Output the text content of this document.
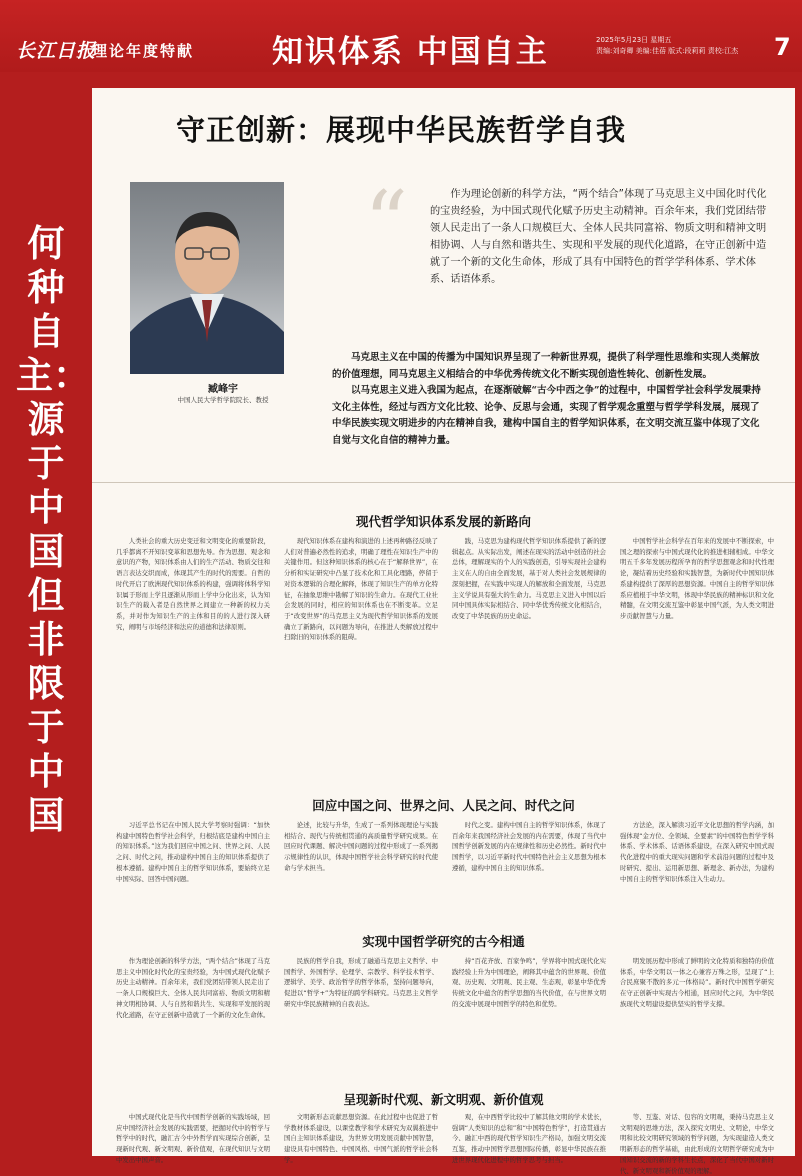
长江日报
理论年度特献	知识体系 中国自主	2025年5月23日 星期五
责编:刘奇卿 美编:佳蓓 版式:段莉莉 责校:江杰 7
何种自主：源于中国但非限于中国
守正创新：展现中华民族哲学自我
臧峰宇
中国人民大学哲学院院长、教授
“	作为理论创新的科学方法，“两个结合”体现了马克思主义中国化时代化的宝贵经验，为中国式现代化赋予历史主动精神。百余年来，我们党团结带领人民走出了一条人口规模巨大、全体人民共同富裕、物质文明和精神文明相协调、人与自然和谐共生、实现和平发展的现代化道路，在守正创新中造就了一个新的文化生命体，形成了具有中国特色的哲学学科体系、学术体系、话语体系。

马克思主义在中国的传播为中国知识界呈现了一种新世界观，提供了科学理性思维和实现人类解放的价值理想，同马克思主义相结合的中华优秀传统文化不断实现创造性转化、创新性发展。

以马克思主义进入我国为起点，在逐渐破解“古今中西之争”的过程中，中国哲学社会科学发展秉持文化主体性，经过与西方文化比较、论争、反思与会通，实现了哲学观念重塑与哲学学科发展，展现了中华民族实现文明进步的内在精神自我，建构中国自主的哲学知识体系，在文明交流互鉴中体现了文化自觉与文化自信的精神力量。

现代哲学知识体系发展的新路向
人类社会的重大历史变迁和文明变化的重要阶段，几乎都离不开知识变革和思想先导。作为思想、观念和意识的产物，知识体系由人们的生产活动、物质交往和语言表达交织而成，体现其产生的时代的需要。自哲的时代开启了欧洲现代知识体系的构建，强调将体科学知识属于形而上学且逐渐从形而上学中分化出来，认为知识生产的载入者是自然世界之间建立一种新的权力关系，并对作为知识生产的主体和目的的人进行深入研究，阐明与市场经济和法应的道德和法律原则。
现代知识体系在建构和演进的上述再种路径反映了人们对普遍必然性的追求，明确了理性在知识生产中的关键作用。但这种知识体系的核心在于“解释世界”，在分析和实证研究中凸显了技术化和工具化理路，停留于对资本逻辑的合理化解释，体现了知识生产的单方化特征，在抽象思维中勘解了知识的生命力。在现代工业社会发展的同时，相应的知识体系也在不断变革。立足于“改变世界”的马克思主义为现代哲学知识体系的发展确立了新路向，以问题为导向，在推进人类解放过程中扫除旧的知识体系的阻碍。
践，马克思为建构现代哲学知识体系提供了新的逻辑起点。从实际出发，阐述在现实的活动中创造的社会总体，理解现实的个人的实践创造，引导实现社会建构主义在人的自由全面发展，基于对人类社会发展规律的深刻把握，在实践中实现人的解放和全面发展，马克思主义学说具有强大的生命力。马克思主义进入中国以后同中国具体实际相结合、同中华优秀传统文化相结合，改变了中华民族的历史命运。
中国哲学社会科学在百年来的发展中不断探索，中国之理的探索与中国式现代化的推进相辅相成。中华文明五千多年发展历程所孕育的哲学思想观念和时代性理论，凝结着历史经验和实践智慧，为新时代中国知识体系建构提供了深厚的思想资源。中国自主的哲学知识体系应植根于中华文明，体现中华民族的精神标识和文化精髓，在文明交流互鉴中彰显中国气派，为人类文明进步贡献智慧与力量。
回应中国之问、世界之问、人民之问、时代之问
习近平总书记在中国人民大学考察时强调：“加快构建中国特色哲学社会科学，归根结底是建构中国自主的知识体系。”这为我们回应中国之问、世界之问、人民之问、时代之问，推动建构中国自主的知识体系提供了根本遵循。建构中国自主的哲学知识体系，要始终立足中国实际、回答中国问题。
论述，比较与升华，生成了一系列体现理论与实践相结合、现代与传统相贯通的高质量哲学研究成果。在回应时代课题、解决中国问题的过程中形成了一系列揭示规律性的认识，体现中国哲学社会科学研究的时代使命与学术担当。
时代之变。建构中国自主的哲学知识体系，体现了百余年来我国经济社会发展的内在需要，体现了当代中国哲学创新发展的内在规律性和历史必然性。新时代中国哲学，以习近平新时代中国特色社会主义思想为根本遵循，建构中国自主的知识体系。
方法论，深入解读习近平文化思想的哲学内涵，加强体现“金方位、全领域、全要素”的中国特色哲学学科体系、学术体系、话语体系建设，在深入研究中国式现代化进程中的重大现实问题和学术前沿问题的过程中及时研究、提出、运用新思想、新理念、新办法，为建构中国自主的哲学知识体系注入生动力。
实现中国哲学研究的古今相通
作为理论创新的科学方法，“两个结合”体现了马克思主义中国化时代化的宝贵经验，为中国式现代化赋予历史主动精神。百余年来，我们党团结带领人民走出了一条人口规模巨大、全体人民共同富裕、物质文明和精神文明相协调、人与自然和谐共生、实现和平发展的现代化道路，在守正创新中造就了一个新的文化生命体。
民族的哲学自我，形成了融通马克思主义哲学、中国哲学、外国哲学、伦理学、宗教学、科学技术哲学、逻辑学、美学、政治哲学的哲学体系，坚持问题导向，促进以“哲学+”为特征的跨学科研究。马克思主义哲学研究中华民族精神的自我表达。
持“百花齐放、百家争鸣”，学界将中国式现代化实践经验上升为中国理论，阐释其中蕴含的世界观、价值观、历史观、文明观、民主观、生态观，彰显中华优秀传统文化中蕴含的哲学思想的当代价值，在与世界文明的交流中展现中国哲学的特色和优势。
明发展历程中形成了鲜明的文化特质和独特的价值体系，中华文明以一体之心兼容万殊之形，呈现了“上合民庶聚不散的多元一体格局”。新时代中国哲学研究在守正创新中实现古今相通，回应时代之问，为中华民族现代文明建设提供坚实的哲学支撑。
呈现新时代观、新文明观、新价值观
中国式现代化是当代中国哲学创新的实践场域，回应中国经济社会发展的实践需要，把握时代中的哲学与哲学中的时代，融汇古今中外哲学而实现综合创新，呈现新时代观、新文明观、新价值观，在现代知识与文明中发出中国声音。
文明新形态贡献思想资源。在此过程中也促进了哲学教材体系建设，以课堂教学和学术研究为双翼推进中国自主知识体系建设，为世界文明发展贡献中国智慧，建设具有中国特色、中国风格、中国气派的哲学社会科学。
观，在中西哲学比较中了解其他文明的学术优长，强调“人类知识的总和”和“中国特色哲学”，打造贯通古今、融汇中西的现代哲学知识生产格局，加强文明交流互鉴，推动中国哲学思想国际传播，彰显中华民族在推进世界现代化进程中的哲学思考与担当。
等、互鉴、对话、包容的文明观，秉持马克思主义文明观的思维方法，深入探究文明史、文明论，中华文明和比较文明研究领域的哲学问题，为实现建造人类文明新形态的哲学基础，由此形成的文明哲学研究成为中国知识交流的新的学科生长点，深化了当代中国对新时代、新文明观和新价值观的理解。
